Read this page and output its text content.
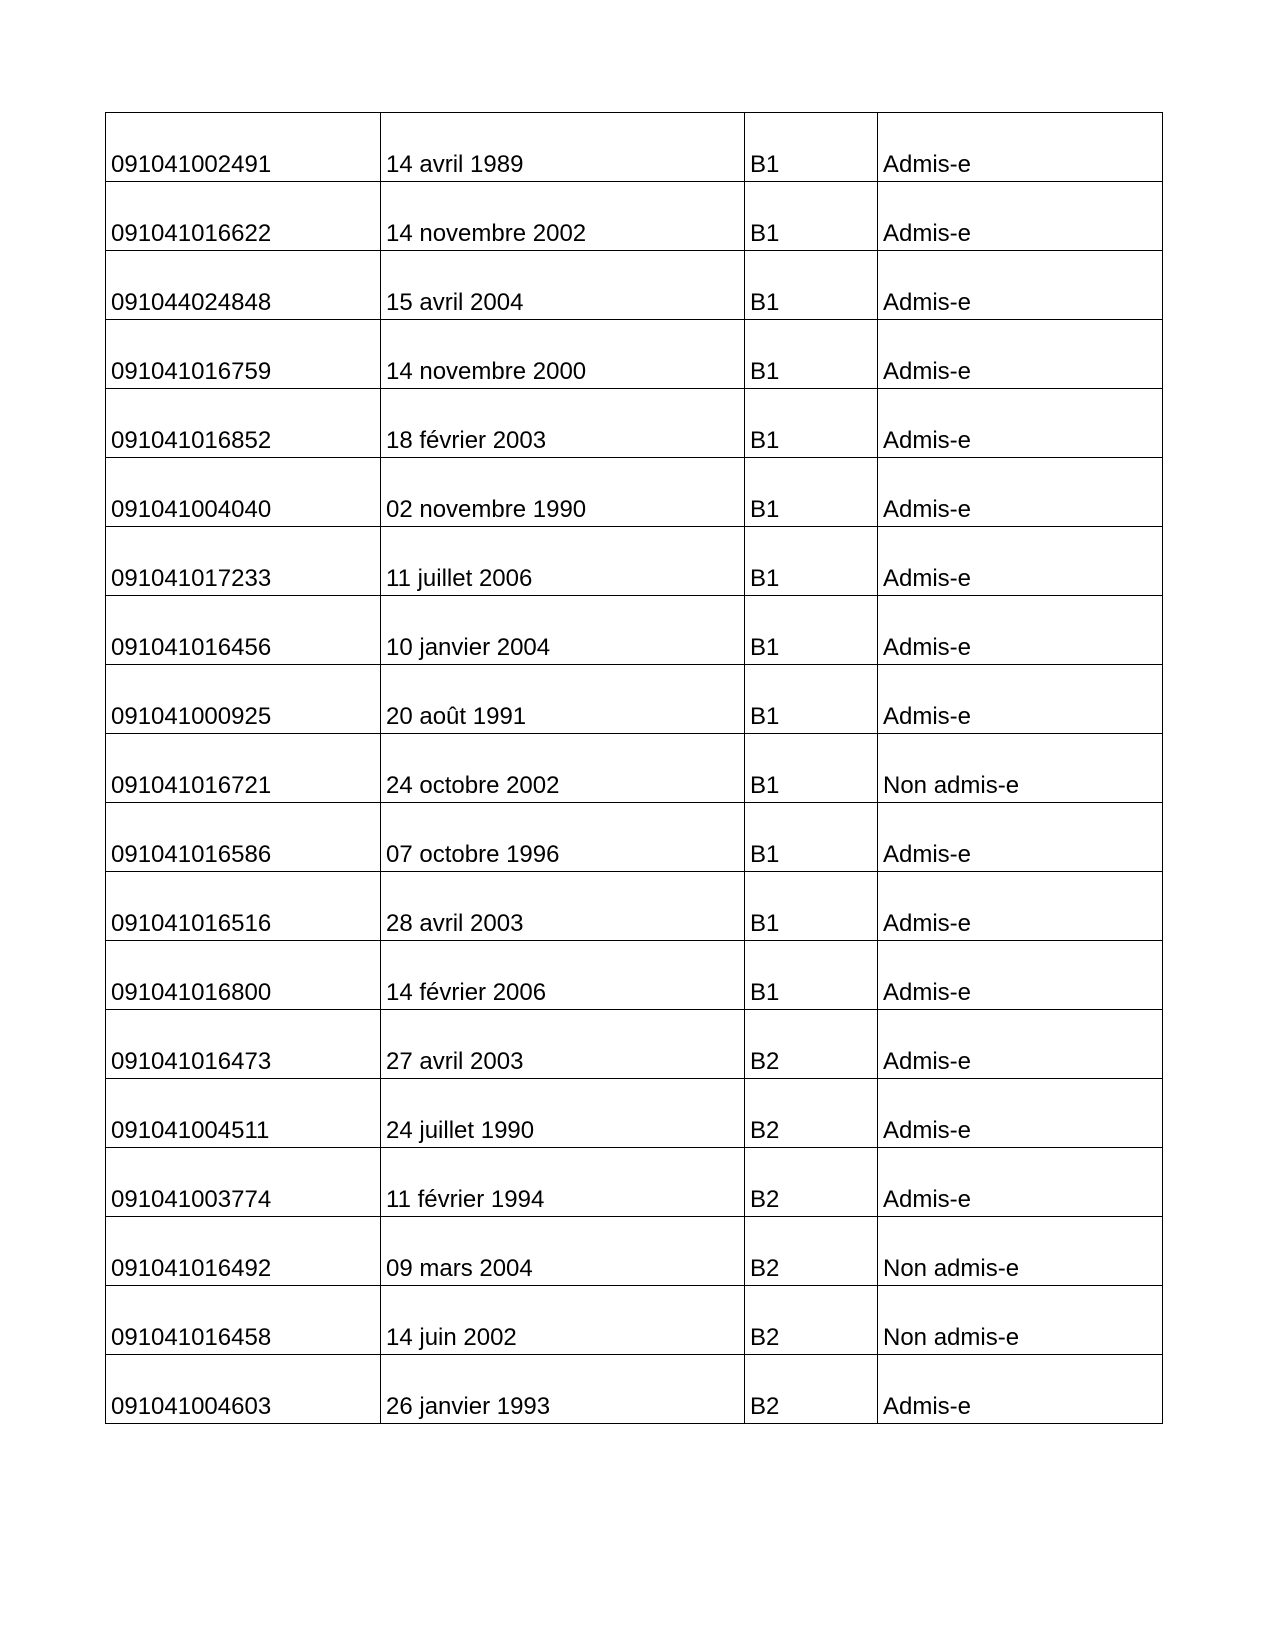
091041002491	14 avril 1989	B1	Admis-e
091041016622	14 novembre 2002	B1	Admis-e
091044024848	15 avril 2004	B1	Admis-e
091041016759	14 novembre 2000	B1	Admis-e
091041016852	18 février 2003	B1	Admis-e
091041004040	02 novembre 1990	B1	Admis-e
091041017233	11 juillet 2006	B1	Admis-e
091041016456	10 janvier 2004	B1	Admis-e
091041000925	20 août 1991	B1	Admis-e
091041016721	24 octobre 2002	B1	Non admis-e
091041016586	07 octobre 1996	B1	Admis-e
091041016516	28 avril 2003	B1	Admis-e
091041016800	14 février 2006	B1	Admis-e
091041016473	27 avril 2003	B2	Admis-e
091041004511	24 juillet 1990	B2	Admis-e
091041003774	11 février 1994	B2	Admis-e
091041016492	09 mars 2004	B2	Non admis-e
091041016458	14 juin 2002	B2	Non admis-e
091041004603	26 janvier 1993	B2	Admis-e
